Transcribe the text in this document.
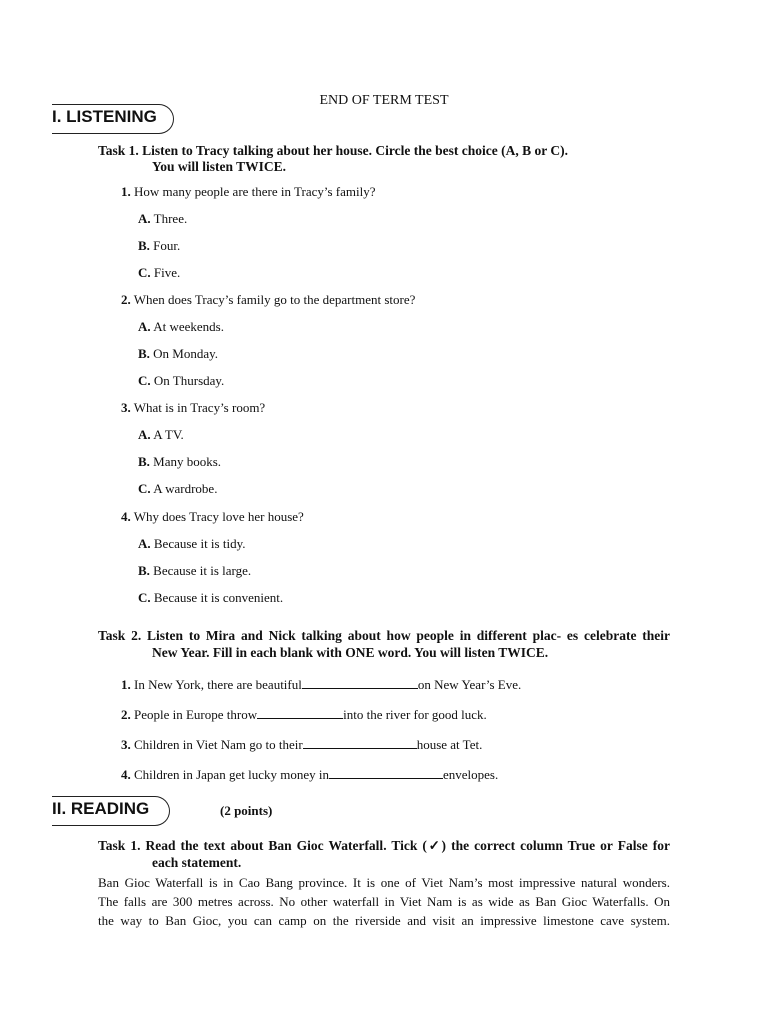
END OF TERM TEST
I. LISTENING
Task 1. Listen to Tracy talking about her house. Circle the best choice (A, B or C).
You will listen TWICE.
1. How many people are there in Tracy’s family?
A. Three.
B. Four.
C. Five.
2. When does Tracy’s family go to the department store?
A. At weekends.
B. On Monday.
C. On Thursday.
3. What is in Tracy’s room?
A. A TV.
B. Many books.
C. A wardrobe.
4. Why does Tracy love her house?
A. Because it is tidy.
B. Because it is large.
C. Because it is convenient.
Task 2. Listen to Mira and Nick talking about how people in different plac- es celebrate their
New Year. Fill in each blank with ONE word. You will listen TWICE.
1. In New York, there are beautiful	on New Year’s Eve.
2. People in Europe throw	into the river for good luck.
3. Children in Viet Nam go to their	house at Tet.
4. Children in Japan get lucky money in	envelopes.
II. READING	(2 points)
Task 1. Read the text about Ban Gioc Waterfall. Tick (✓) the correct column True or False for
each statement.
Ban Gioc Waterfall is in Cao Bang province. It is one of Viet Nam’s most impressive natural wonders.
The falls are 300 metres across. No other waterfall in Viet Nam is as wide as Ban Gioc Waterfalls. On
the way to Ban Gioc, you can camp on the riverside and visit an impressive limestone cave system.
